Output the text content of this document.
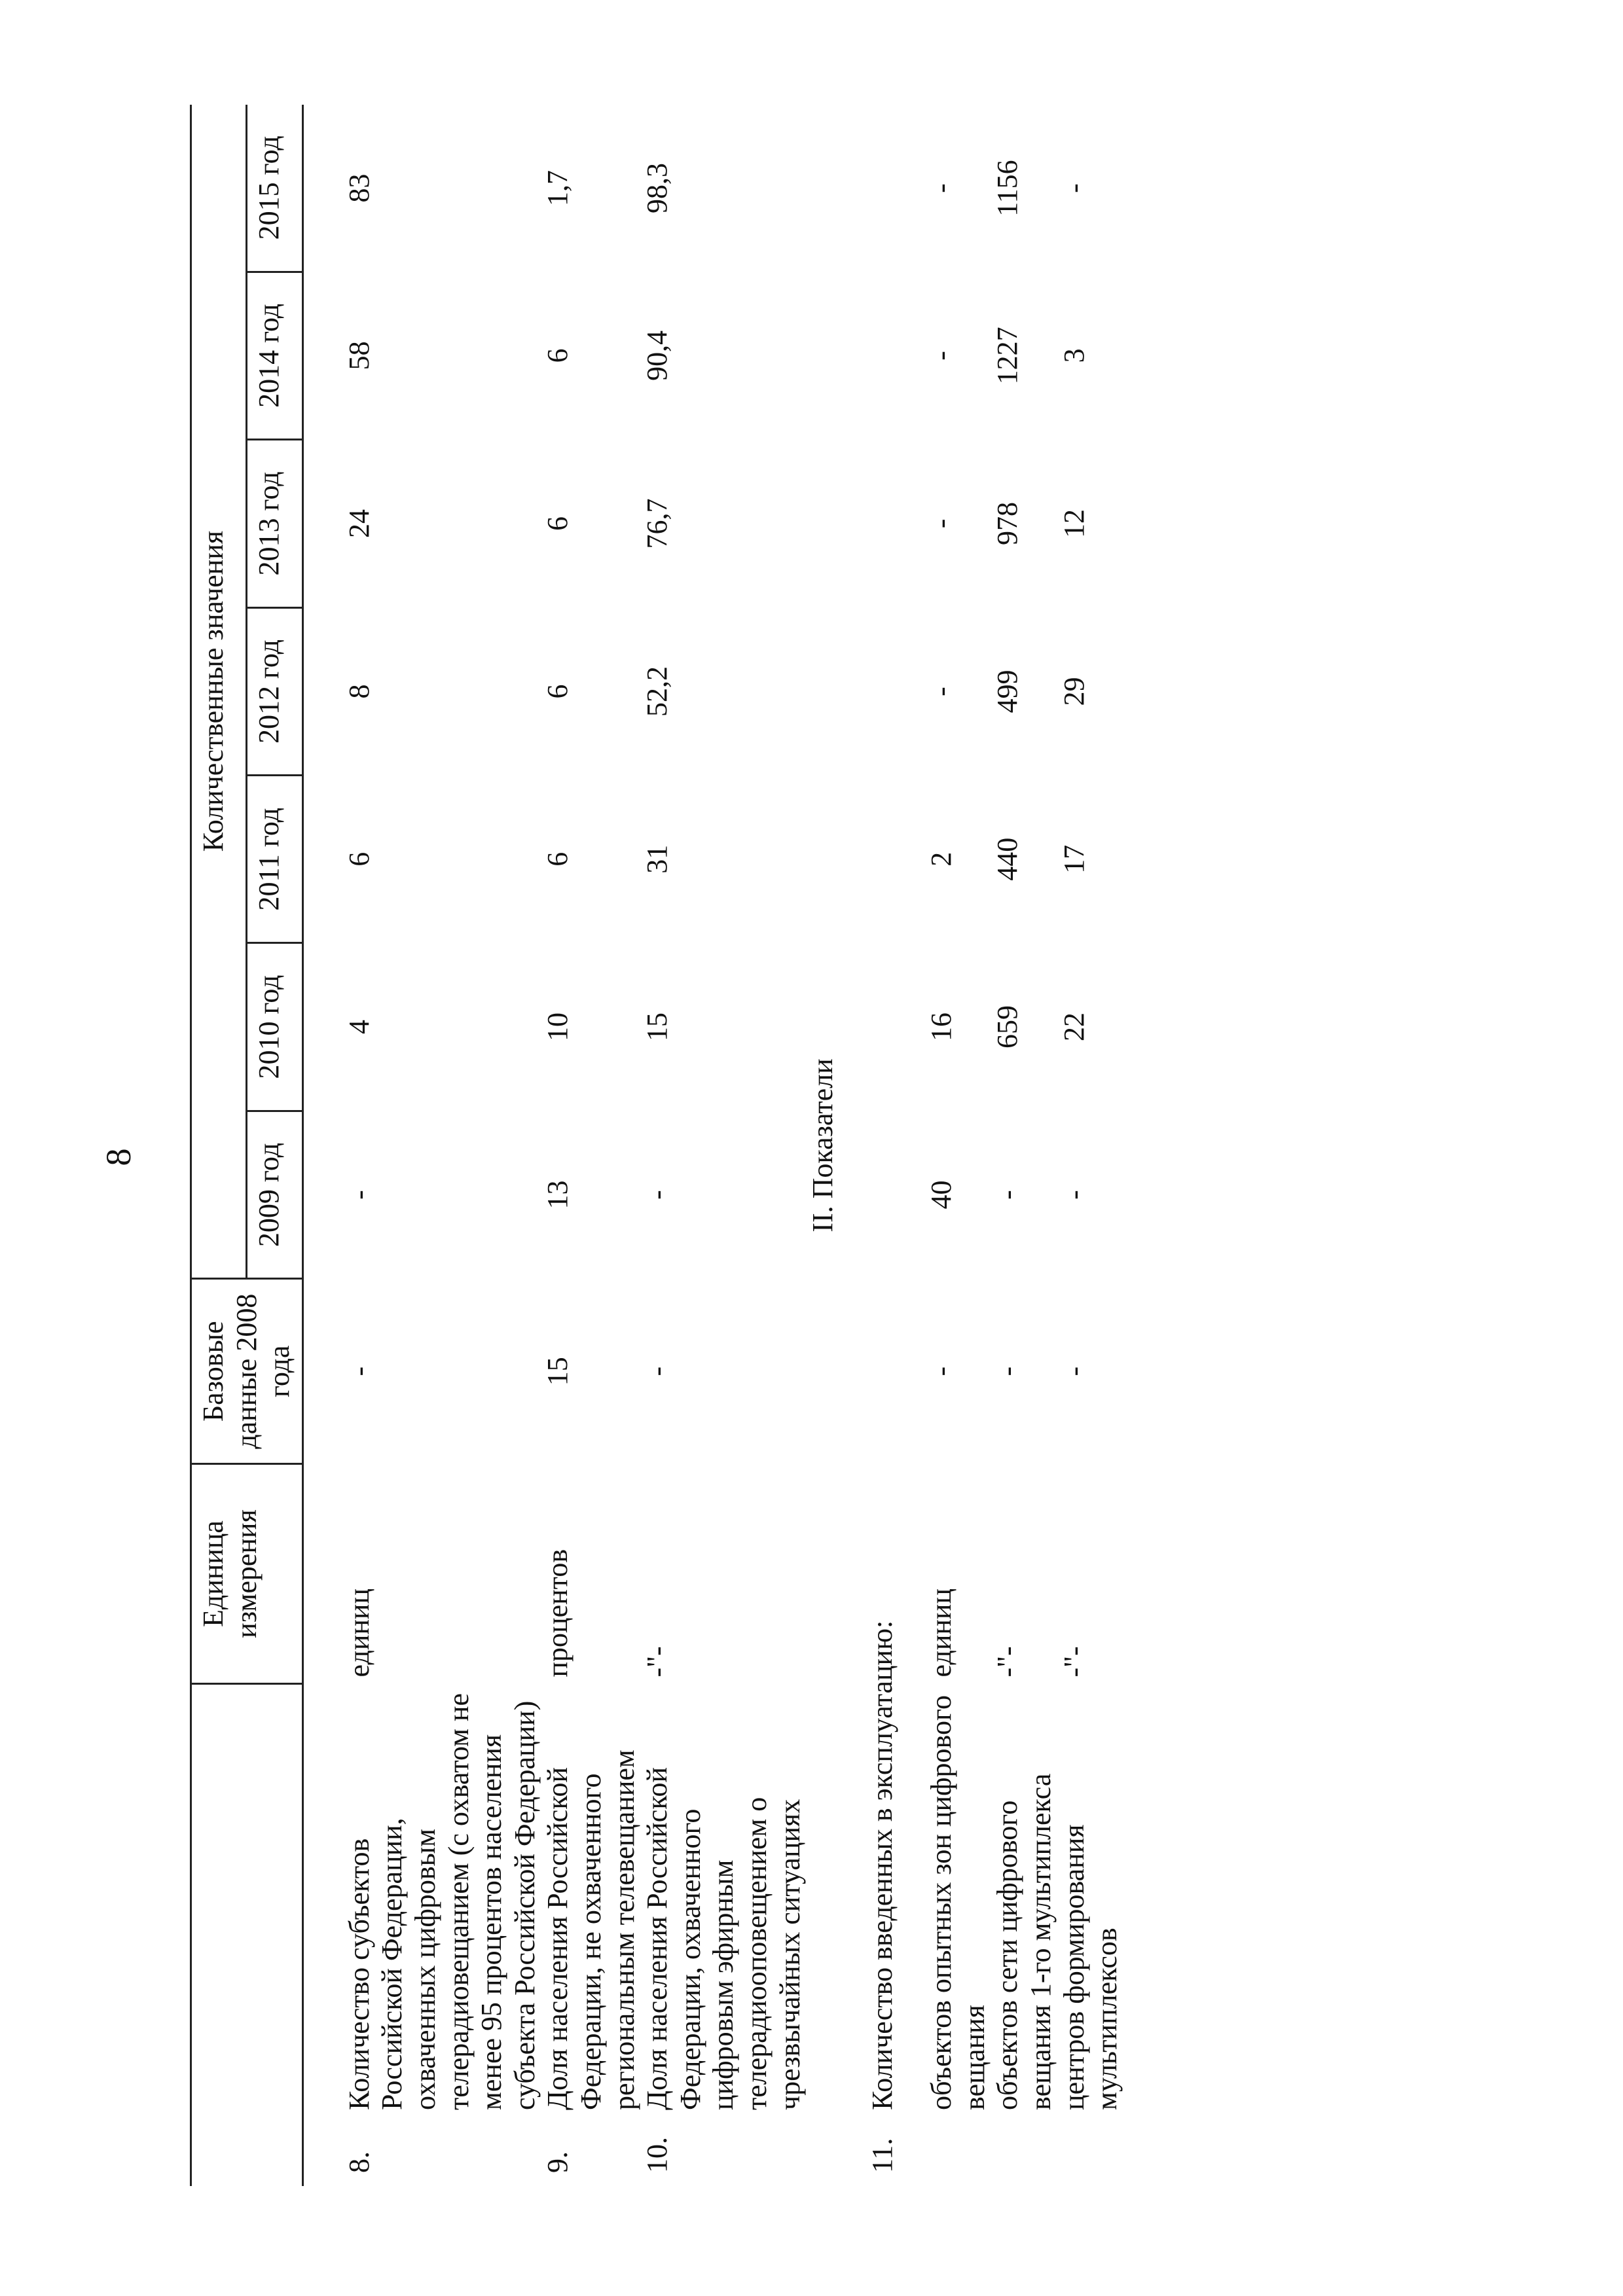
8
		Единица измерения	Базовые данные 2008 года	Количественные значения						
				2009 год	2010 год	2011 год	2012 год	2013 год	2014 год	2015 год

8.	Количество субъектов Российской Федерации, охваченных цифровым телерадиовещанием (с охватом не менее 95 процентов населения субъекта Российской Федерации)	единиц	-	-	4	6	8	24	58	83
9.	Доля населения Российской Федерации, не охваченного региональным телевещанием	процентов	15	13	10	6	6	6	6	1,7
10.	Доля населения Российской Федерации, охваченного цифровым эфирным телерадиооповещением о чрезвычайных ситуациях	-"-	-	-	15	31	52,2	76,7	90,4	98,3
II. Показатели										
11.	Количество введенных в эксплуатацию:									
	объектов опытных зон цифрового вещания	единиц	-	40	16	2	-	-	-	-
	объектов сети цифрового вещания 1-го мультиплекса	-"-	-	-	659	440	499	978	1227	1156
	центров формирования мультиплексов	-"-	-	-	22	17	29	12	3	-
